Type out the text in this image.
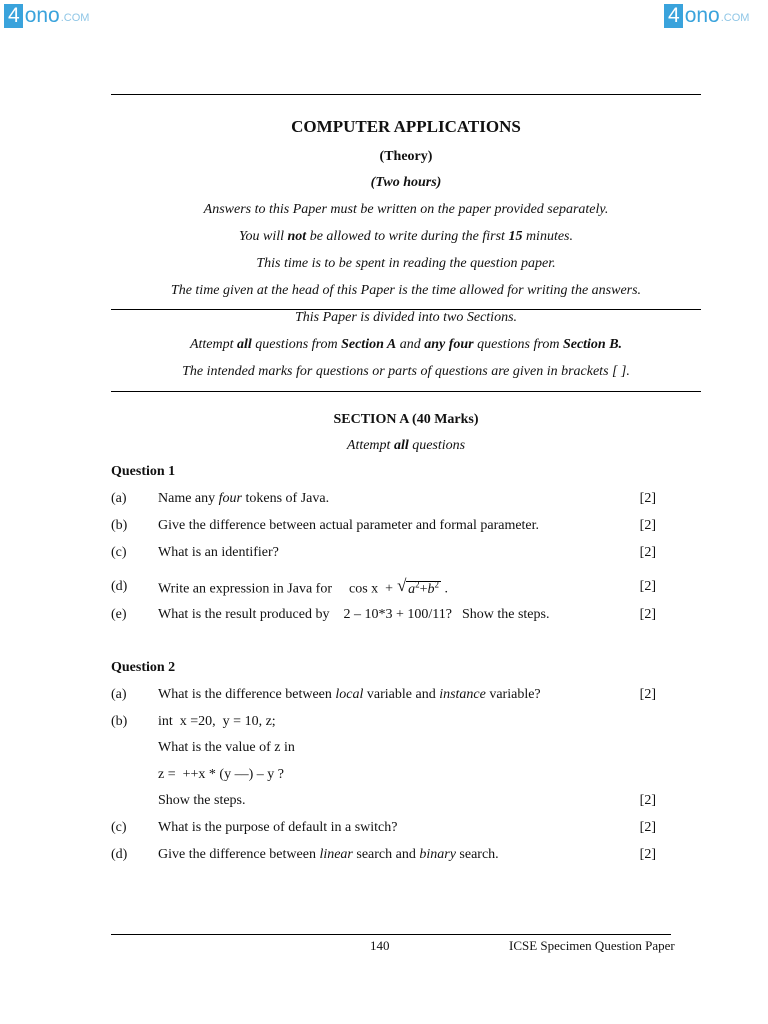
4 ono .COM	4 ono .COM
COMPUTER APPLICATIONS
(Theory)
(Two hours)
Answers to this Paper must be written on the paper provided separately.
You will not be allowed to write during the first 15 minutes.
This time is to be spent in reading the question paper.
The time given at the head of this Paper is the time allowed for writing the answers.
This Paper is divided into two Sections.
Attempt all questions from Section A and any four questions from Section B.
The intended marks for questions or parts of questions are given in brackets [ ].
SECTION A (40 Marks)
Attempt all questions
Question 1
(a) Name any four tokens of Java.	[2]
(b) Give the difference between actual parameter and formal parameter.	[2]
(c) What is an identifier?	[2]
(d) Write an expression in Java for cos x  + √ $a^2+b^2$ .	[2]
(e) What is the result produced by 2 – 10*3 + 100/11? Show the steps.	[2]
Question 2
(a) What is the difference between local variable and instance variable?	[2]
(b) int  x =20,  y = 10, z;
What is the value of z in
z =  ++x * (y ––) – y ?
Show the steps.	[2]
(c) What is the purpose of default in a switch?	[2]
(d) Give the difference between linear search and binary search.	[2]
140	ICSE Specimen Question Paper
